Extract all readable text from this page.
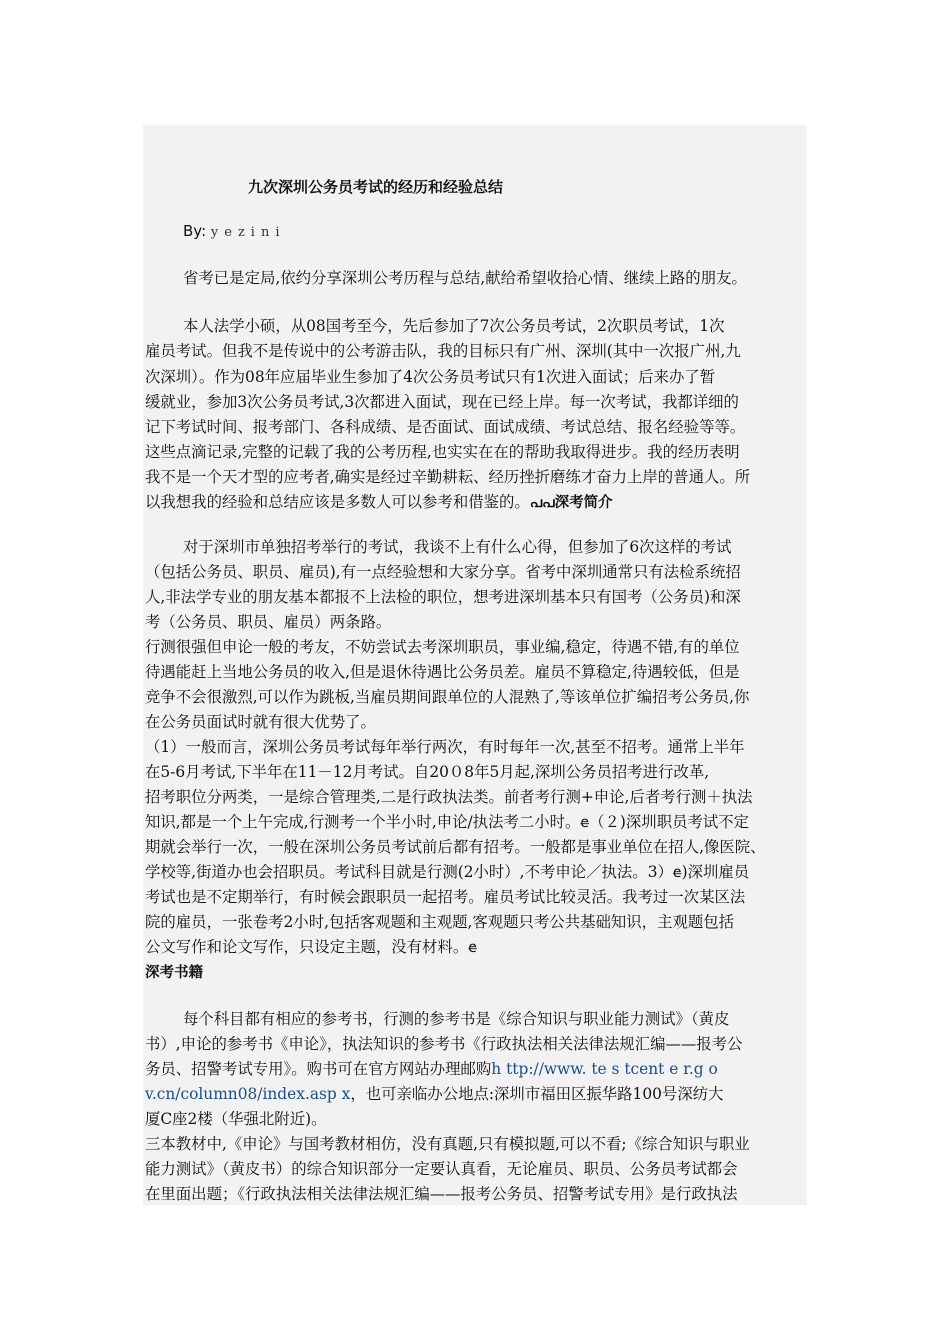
九次深圳公务员考试的经历和经验总结
By: yezini
省考已是定局,依约分享深圳公考历程与总结,献给希望收拾心情、继续上路的朋友。
本人法学小硕，从08国考至今，先后参加了7次公务员考试，2次职员考试，1次
雇员考试。但我不是传说中的公考游击队，我的目标只有广州、深圳(其中一次报广州,九
次深圳）。作为08年应届毕业生参加了4次公务员考试只有1次进入面试；后来办了暂
缓就业，参加3次公务员考试,3次都进入面试，现在已经上岸。每一次考试，我都详细的
记下考试时间、报考部门、各科成绩、是否面试、面试成绩、考试总结、报名经验等等。
这些点滴记录,完整的记载了我的公考历程,也实实在在的帮助我取得进步。我的经历表明
我不是一个天才型的应考者,确实是经过辛勤耕耘、经历挫折磨练才奋力上岸的普通人。所
以我想我的经验和总结应该是多数人可以参考和借鉴的。പപ深考简介
对于深圳市单独招考举行的考试，我谈不上有什么心得，但参加了6次这样的考试
（包括公务员、职员、雇员),有一点经验想和大家分享。省考中深圳通常只有法检系统招
人,非法学专业的朋友基本都报不上法检的职位，想考进深圳基本只有国考（公务员)和深
考（公务员、职员、雇员）两条路。
行测很强但申论一般的考友，不妨尝试去考深圳职员，事业编,稳定，待遇不错,有的单位
待遇能赶上当地公务员的收入,但是退休待遇比公务员差。雇员不算稳定,待遇较低，但是
竞争不会很激烈,可以作为跳板,当雇员期间跟单位的人混熟了,等该单位扩编招考公务员,你
在公务员面试时就有很大优势了。
（1）一般而言，深圳公务员考试每年举行两次，有时每年一次,甚至不招考。通常上半年
在5-6月考试,下半年在11－12月考试。自20０8年5月起,深圳公务员招考进行改革,
招考职位分两类，一是综合管理类,二是行政执法类。前者考行测+申论,后者考行测＋执法
知识,都是一个上午完成,行测考一个半小时,申论/执法考二小时。ꬳ（２)深圳职员考试不定
期就会举行一次，一般在深圳公务员考试前后都有招考。一般都是事业单位在招人,像医院、
学校等,街道办也会招职员。考试科目就是行测(2小时）,不考申论／执法。3）ꬳ)深圳雇员
考试也是不定期举行，有时候会跟职员一起招考。雇员考试比较灵活。我考过一次某区法
院的雇员，一张卷考2小时,包括客观题和主观题,客观题只考公共基础知识，主观题包括
公文写作和论文写作，只设定主题，没有材料。ꬳ
深考书籍
每个科目都有相应的参考书，行测的参考书是《综合知识与职业能力测试》（黄皮
书）,申论的参考书《申论》，执法知识的参考书《行政执法相关法律法规汇编——报考公
务员、招警考试专用》。购书可在官方网站办理邮购h ttp://www. te s tcent e r.g o
v.cn/column08/index.asp x，也可亲临办公地点:深圳市福田区振华路100号深纺大
厦C座2楼（华强北附近)。
三本教材中,《申论》与国考教材相仿，没有真题,只有模拟题,可以不看;《综合知识与职业
能力测试》（黄皮书）的综合知识部分一定要认真看，无论雇员、职员、公务员考试都会
在里面出题；《行政执法相关法律法规汇编——报考公务员、招警考试专用》是行政执法
